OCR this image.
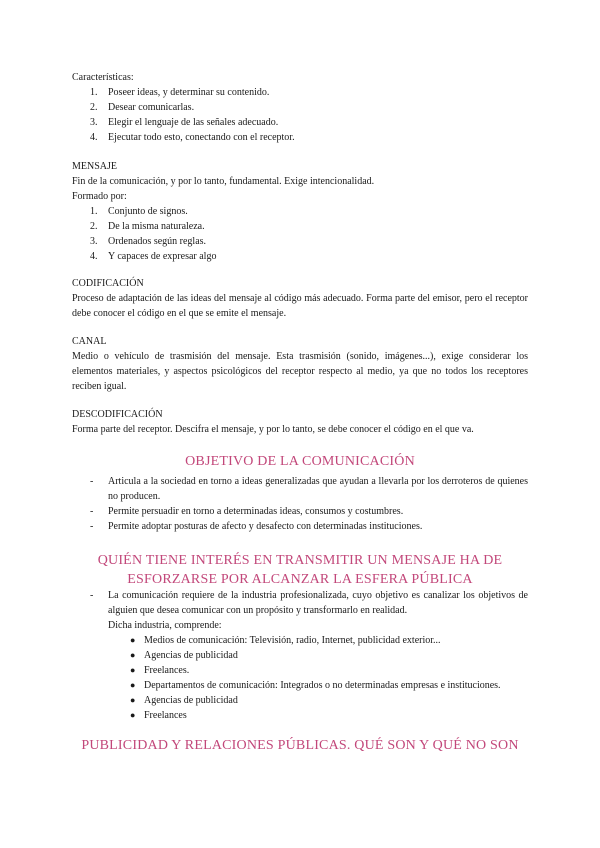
Características:
1.	Poseer ideas, y determinar su contenido.
2.	Desear comunicarlas.
3.	Elegir el lenguaje de las señales adecuado.
4.	Ejecutar todo esto, conectando con el receptor.
MENSAJE
Fin de la comunicación, y por lo tanto, fundamental. Exige intencionalidad.
Formado por:
1.	Conjunto de signos.
2.	De la misma naturaleza.
3.	Ordenados según reglas.
4.	Y capaces de expresar algo
CODIFICACIÓN
Proceso de adaptación de las ideas del mensaje al código más adecuado. Forma parte del emisor, pero el receptor debe conocer el código en el que se emite el mensaje.
CANAL
Medio o vehículo de trasmisión del mensaje. Esta trasmisión (sonido, imágenes...), exige considerar los elementos materiales, y aspectos psicológicos del receptor respecto al medio, ya que no todos los receptores reciben igual.
DESCODIFICACIÓN
Forma parte del receptor. Descifra el mensaje, y por lo tanto, se debe conocer el código en el que va.
OBJETIVO DE LA COMUNICACIÓN
- Articula a la sociedad en torno a ideas generalizadas que ayudan a llevarla por los derroteros de quienes no producen.
- Permite persuadir en torno a determinadas ideas, consumos y costumbres.
- Permite adoptar posturas de afecto y desafecto con determinadas instituciones.
QUIÉN TIENE INTERÉS EN TRANSMITIR UN MENSAJE HA DE
ESFORZARSE POR ALCANZAR LA ESFERA PÚBLICA
- La comunicación requiere de la industria profesionalizada, cuyo objetivo es canalizar los objetivos de alguien que desea comunicar con un propósito y transformarlo en realidad.
Dicha industria, comprende:
● Medios de comunicación: Televisión, radio, Internet, publicidad exterior...
● Agencias de publicidad
● Freelances.
● Departamentos de comunicación: Integrados o no determinadas empresas e instituciones.
● Agencias de publicidad
● Freelances
PUBLICIDAD Y RELACIONES PÚBLICAS. QUÉ SON Y QUÉ NO SON
